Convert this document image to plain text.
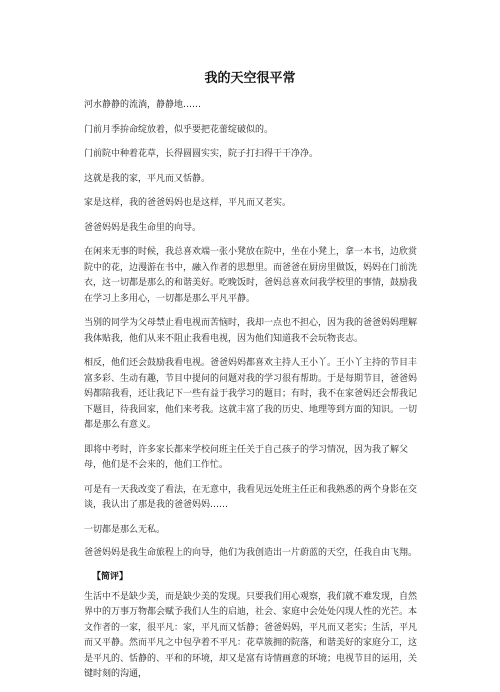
我的天空很平常

河水静静的流淌，静静地……

门前月季拚命绽放着，似乎要把花蕾绽破似的。

门前院中种着花草，长得圆圆实实，院子打扫得干干净净。

这就是我的家，平凡而又恬静。

家是这样，我的爸爸妈妈也是这样，平凡而又老实。

爸爸妈妈是我生命里的向导。

在闲来无事的时候，我总喜欢端一张小凳放在院中，坐在小凳上，拿一本书，边欣赏院中的花，边漫游在书中，融入作者的思想里。而爸爸在厨房里做饭，妈妈在门前洗衣，这一切都是那么的和谐美好。吃晚饭时，爸妈总喜欢问我学校里的事情，鼓励我在学习上多用心，一切都是那么平凡平静。

当别的同学为父母禁止看电视而苦恼时，我却一点也不担心，因为我的爸爸妈妈理解我体贴我，他们从来不阻止我看电视，因为他们知道我不会玩物丧志。

相反，他们还会鼓励我看电视。爸爸妈妈都喜欢主持人王小丫。王小丫主持的节目丰富多彩、生动有趣，节目中提问的问题对我的学习很有帮助。于是每期节目，爸爸妈妈都陪我看，还让我记下一些有益于我学习的题目；有时，我不在家爸妈还会帮我记下题目，待我回家，他们来考我。这就丰富了我的历史、地理等到方面的知识。一切都是那么有意义。

即将中考时，许多家长都来学校问班主任关于自己孩子的学习情况，因为我了解父母，他们是不会来的，他们工作忙。

可是有一天我改变了看法，在无意中，我看见远处班主任正和我熟悉的两个身影在交谈，我认出了那是我的爸爸妈妈……

一切都是那么无私。

爸爸妈妈是我生命旅程上的向导，他们为我创造出一片蔚蓝的天空，任我自由飞翔。

【简评】

生活中不是缺少美，而是缺少美的发现。只要我们用心观察，我们就不难发现，自然界中的万事万物都会赋予我们人生的启迪，社会、家庭中会处处闪现人性的光芒。本文作者的一家，很平凡：家，平凡而又恬静；爸爸妈妈，平凡而又老实；生活，平凡而又平静。然而平凡之中包孕着不平凡：花草簇拥的院落，和谐美好的家庭分工，这是平凡的、恬静的、平和的环境，却又是富有诗情画意的环境；电视节目的运用，关键时刻的沟通，
